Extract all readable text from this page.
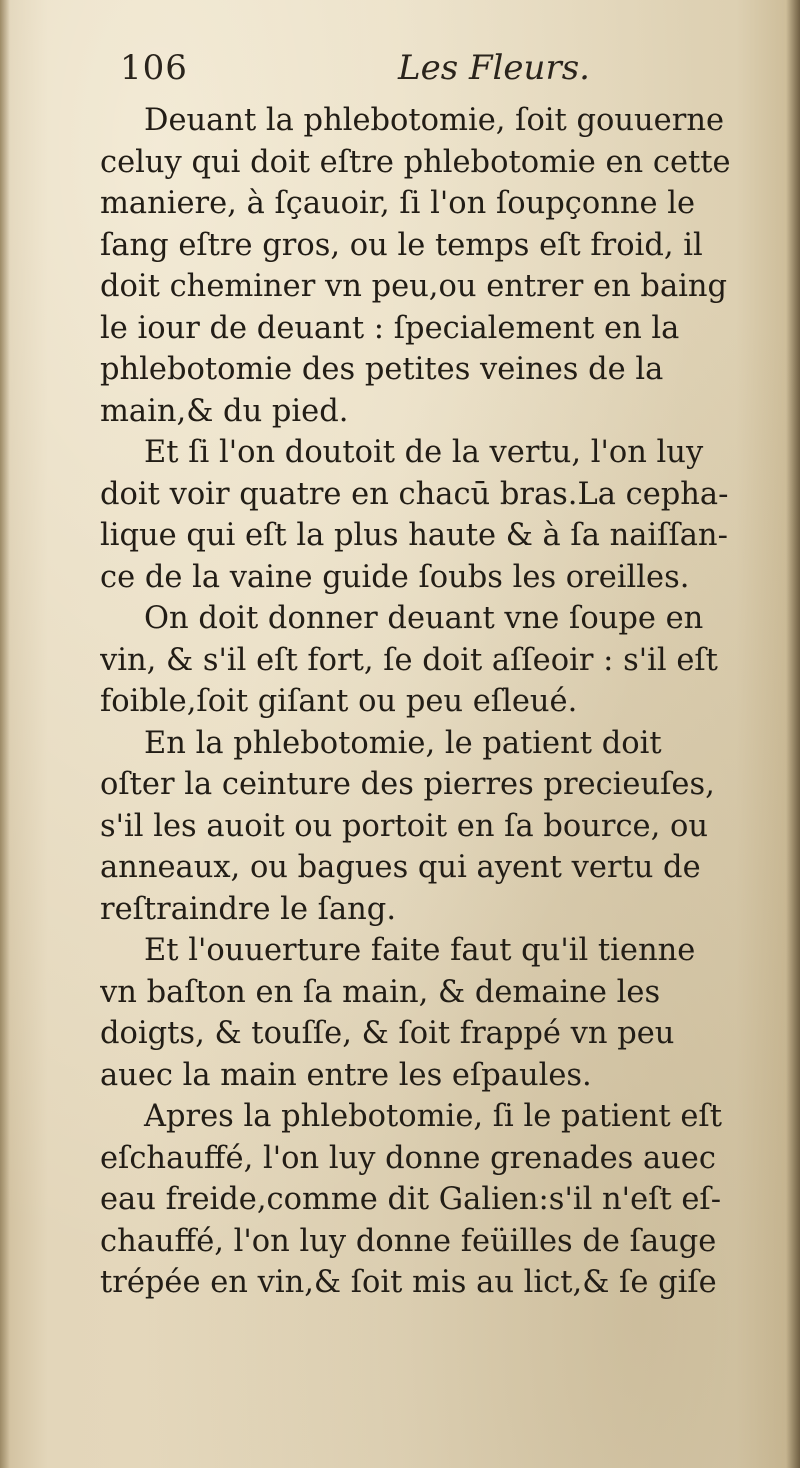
106	Les Fleurs.
Deuant la phlebotomie, ſoit gouuerne
celuy qui doit eſtre phlebotomie en cette
maniere, à ſçauoir, ſi l'on ſoupçonne le
ſang eſtre gros, ou le temps eſt froid, il
doit cheminer vn peu,ou entrer en baing
le iour de deuant : ſpecialement en la
phlebotomie des petites veines de la
main,& du pied.
Et ſi l'on doutoit de la vertu, l'on luy
doit voir quatre en chacū bras.La cepha-
lique qui eſt la plus haute & à ſa naiſſan-
ce de la vaine guide ſoubs les oreilles.
On doit donner deuant vne ſoupe en
vin, & s'il eſt fort, ſe doit aſſeoir : s'il eſt
foible,ſoit giſant ou peu eſleué.
En la phlebotomie, le patient doit
oſter la ceinture des pierres precieuſes,
s'il les auoit ou portoit en ſa bource, ou
anneaux, ou bagues qui ayent vertu de
reſtraindre le ſang.
Et l'ouuerture faite faut qu'il tienne
vn baſton en ſa main, & demaine les
doigts, & touſſe, & ſoit frappé vn peu
auec la main entre les eſpaules.
Apres la phlebotomie, ſi le patient eſt
eſchauffé, l'on luy donne grenades auec
eau freide,comme dit Galien:s'il n'eſt eſ-
chauffé, l'on luy donne feüilles de ſauge
trépée en vin,& ſoit mis au lict,& ſe giſe
